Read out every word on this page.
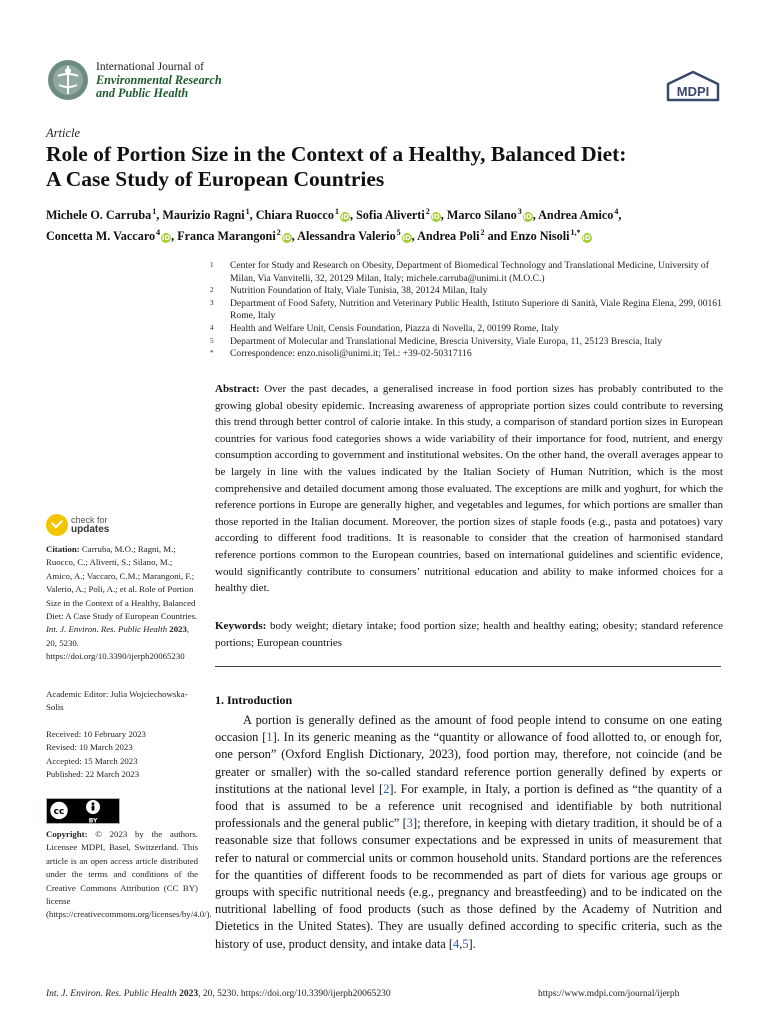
International Journal of
Environmental Research
and Public Health	MDPI
Article
Role of Portion Size in the Context of a Healthy, Balanced Diet:
A Case Study of European Countries
Michele O. Carruba$^1$, Maurizio Ragni$^1$, Chiara Ruocco$^1$ iD , Sofia Aliverti$^2$ iD , Marco Silano$^3$ iD , Andrea Amico$^4$,
Concetta M. Vaccaro$^4$ iD , Franca Marangoni$^2$ iD , Alessandra Valerio$^5$ iD , Andrea Poli$^2$ and Enzo Nisoli$^{1,*}$iD
1	Center for Study and Research on Obesity, Department of Biomedical Technology and Translational Medicine, University of Milan, Via Vanvitelli, 32, 20129 Milan, Italy; michele.carruba@unimi.it (M.O.C.)
2	Nutrition Foundation of Italy, Viale Tunisia, 38, 20124 Milan, Italy
3	Department of Food Safety, Nutrition and Veterinary Public Health, Istituto Superiore di Sanità, Viale Regina Elena, 299, 00161 Rome, Italy
4	Health and Welfare Unit, Censis Foundation, Piazza di Novella, 2, 00199 Rome, Italy
5	Department of Molecular and Translational Medicine, Brescia University, Viale Europa, 11, 25123 Brescia, Italy
*	Correspondence: enzo.nisoli@unimi.it; Tel.: +39-02-50317116
Abstract: Over the past decades, a generalised increase in food portion sizes has probably contributed to the growing global obesity epidemic. Increasing awareness of appropriate portion sizes could contribute to reversing this trend through better control of calorie intake. In this study, a comparison of standard portion sizes in European countries for various food categories shows a wide variability of their importance for food, nutrient, and energy consumption according to government and institutional websites. On the other hand, the overall averages appear to be largely in line with the values indicated by the Italian Society of Human Nutrition, which is the most comprehensive and detailed document among those evaluated. The exceptions are milk and yoghurt, for which the reference portions in Europe are generally higher, and vegetables and legumes, for which portions are smaller than those reported in the Italian document. Moreover, the portion sizes of staple foods (e.g., pasta and potatoes) vary according to different food traditions. It is reasonable to consider that the creation of harmonised standard reference portions common to the European countries, based on international guidelines and scientific evidence, would significantly contribute to consumers’ nutritional education and ability to make informed choices for a healthy diet.
Keywords: body weight; dietary intake; food portion size; health and healthy eating; obesity; standard reference portions; European countries
1. Introduction
A portion is generally defined as the amount of food people intend to consume on one eating occasion [1]. In its generic meaning as the “quantity or allowance of food allotted to, or enough for, one person” (Oxford English Dictionary, 2023), food portion may, therefore, not coincide (and be greater or smaller) with the so-called standard reference portion generally defined by experts or institutions at the national level [2]. For example, in Italy, a portion is defined as “the quantity of a food that is assumed to be a reference unit recognised and identifiable by both nutritional professionals and the general public” [3]; therefore, in keeping with dietary tradition, it should be of a reasonable size that follows consumer expectations and be expressed in units of measurement that refer to natural or commercial units or common household units. Standard portions are the references for the quantities of different foods to be recommended as part of diets for various age groups or groups with specific nutritional needs (e.g., pregnancy and breastfeeding) and to be indicated on the nutritional labelling of food products (such as those defined by the Academy of Nutrition and Dietetics in the United States). They are usually defined according to specific criteria, such as the history of use, product density, and intake data [4,5].
check for
updates
Citation: Carruba, M.O.; Ragni, M.; Ruocco, C.; Aliverti, S.; Silano, M.; Amico, A.; Vaccaro, C.M.; Marangoni, F.; Valerio, A.; Poli, A.; et al. Role of Portion Size in the Context of a Healthy, Balanced Diet: A Case Study of European Countries. Int. J. Environ. Res. Public Health 2023, 20, 5230. https://doi.org/10.3390/ijerph20065230
Academic Editor: Julia Wojciechowska-Solis
Received: 10 February 2023
Revised: 10 March 2023
Accepted: 15 March 2023
Published: 22 March 2023
cc
BY
Copyright: © 2023 by the authors. Licensee MDPI, Basel, Switzerland. This article is an open access article distributed under the terms and conditions of the Creative Commons Attribution (CC BY) license (https://creativecommons.org/licenses/by/4.0/).
Int. J. Environ. Res. Public Health 2023, 20, 5230. https://doi.org/10.3390/ijerph20065230	https://www.mdpi.com/journal/ijerph
